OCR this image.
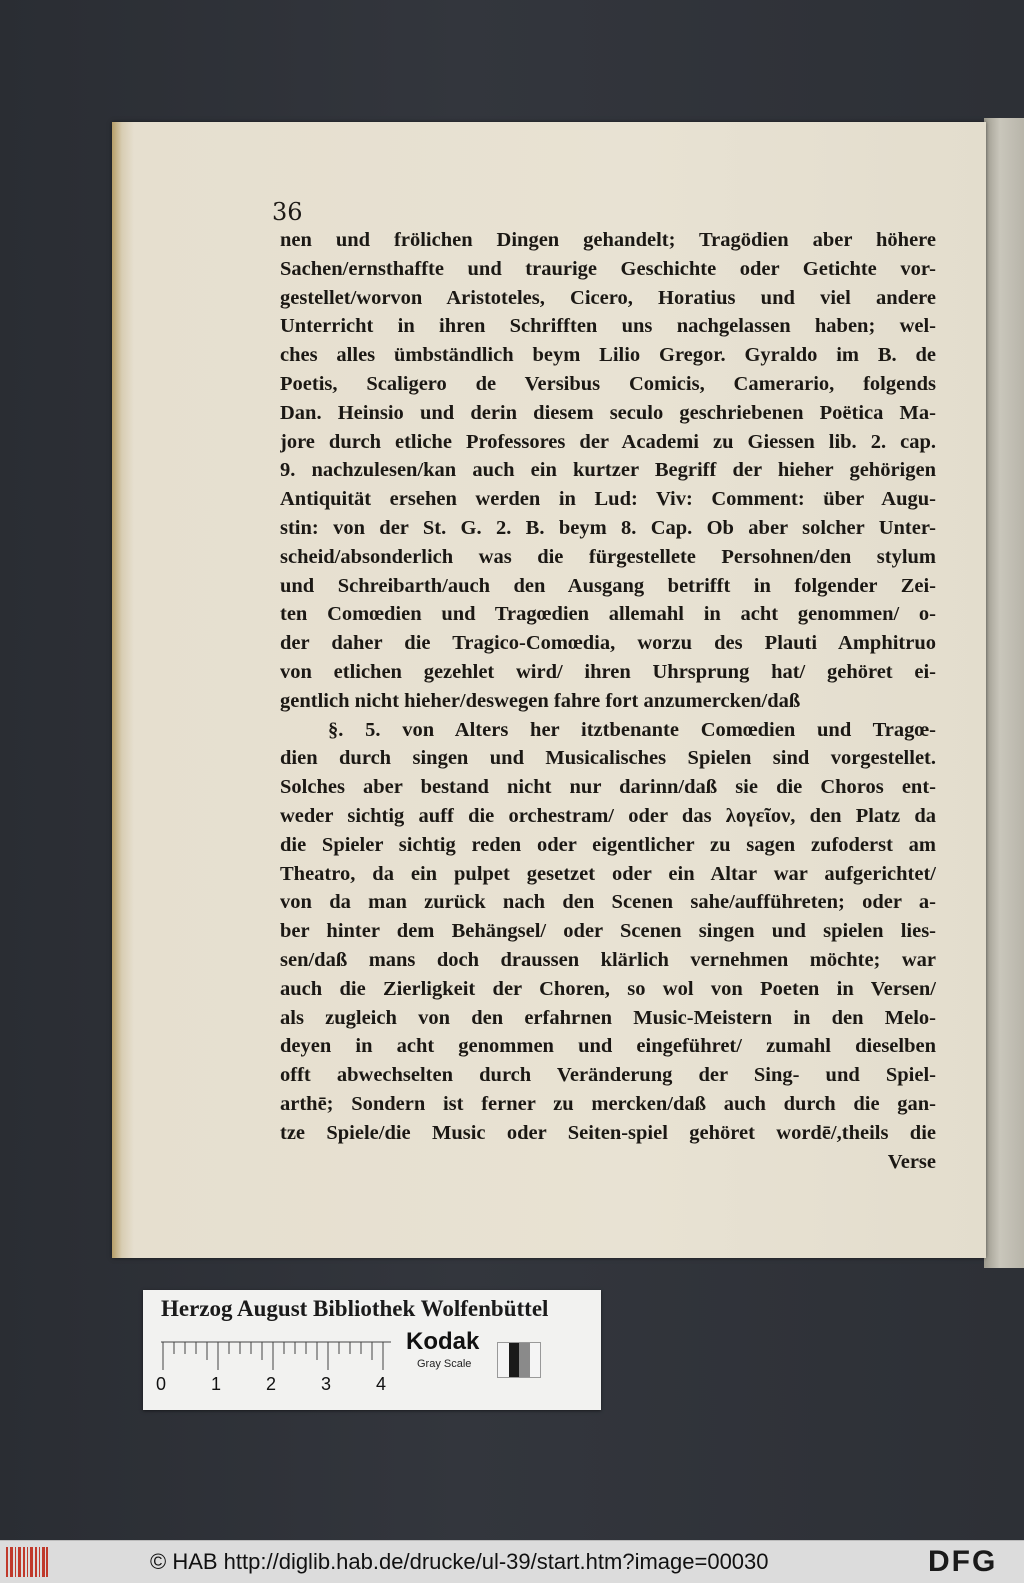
36

nen und frölichen Dingen gehandelt; Tragödien aber höhere

Sachen/ernsthaffte und traurige Geschichte oder Getichte vor-

gestellet/worvon Aristoteles, Cicero, Horatius und viel andere

Unterricht in ihren Schrifften uns nachgelassen haben; wel-

ches alles ümbständlich beym Lilio Gregor. Gyraldo im B. de

Poetis, Scaligero de Versibus Comicis, Camerario, folgends

Dan. Heinsio und derin diesem seculo geschriebenen Poëtica Ma-

jore durch etliche Professores der Academi zu Giessen lib. 2. cap.

9. nachzulesen/kan auch ein kurtzer Begriff der hieher gehörigen

Antiquität ersehen werden in Lud: Viv: Comment: über Augu-

stin: von der St. G. 2. B. beym 8. Cap. Ob aber solcher Unter-

scheid/absonderlich was die fürgestellete Persohnen/den stylum

und Schreibarth/auch den Ausgang betrifft in folgender Zei-

ten Comœdien und Tragœdien allemahl in acht genommen/ o-

der daher die Tragico-Comœdia, worzu des Plauti Amphitruo

von etlichen gezehlet wird/ ihren Uhrsprung hat/ gehöret ei-

gentlich nicht hieher/deswegen fahre fort anzumercken/daß

§. 5. von Alters her itztbenante Comœdien und Tragœ-

dien durch singen und Musicalisches Spielen sind vorgestellet.

Solches aber bestand nicht nur darinn/daß sie die Choros ent-

weder sichtig auff die orchestram/ oder das λογεῖον, den Platz da

die Spieler sichtig reden oder eigentlicher zu sagen zufoderst am

Theatro, da ein pulpet gesetzet oder ein Altar war aufgerichtet/

von da man zurück nach den Scenen sahe/aufführeten; oder a-

ber hinter dem Behängsel/ oder Scenen singen und spielen lies-

sen/daß mans doch draussen klärlich vernehmen möchte; war

auch die Zierligkeit der Choren, so wol von Poeten in Versen/

als zugleich von den erfahrnen Music-Meistern in den Melo-

deyen in acht genommen und eingeführet/ zumahl dieselben

offt abwechselten durch Veränderung der Sing- und Spiel-

arthē; Sondern ist ferner zu mercken/daß auch durch die gan-

tze Spiele/die Music oder Seiten-spiel gehöret wordē/,theils die

Verse

Herzog August Bibliothek Wolfenbüttel

0 1 2 3 4

Kodak

Gray Scale

© HAB http://diglib.hab.de/drucke/ul-39/start.htm?image=00030	DFG
